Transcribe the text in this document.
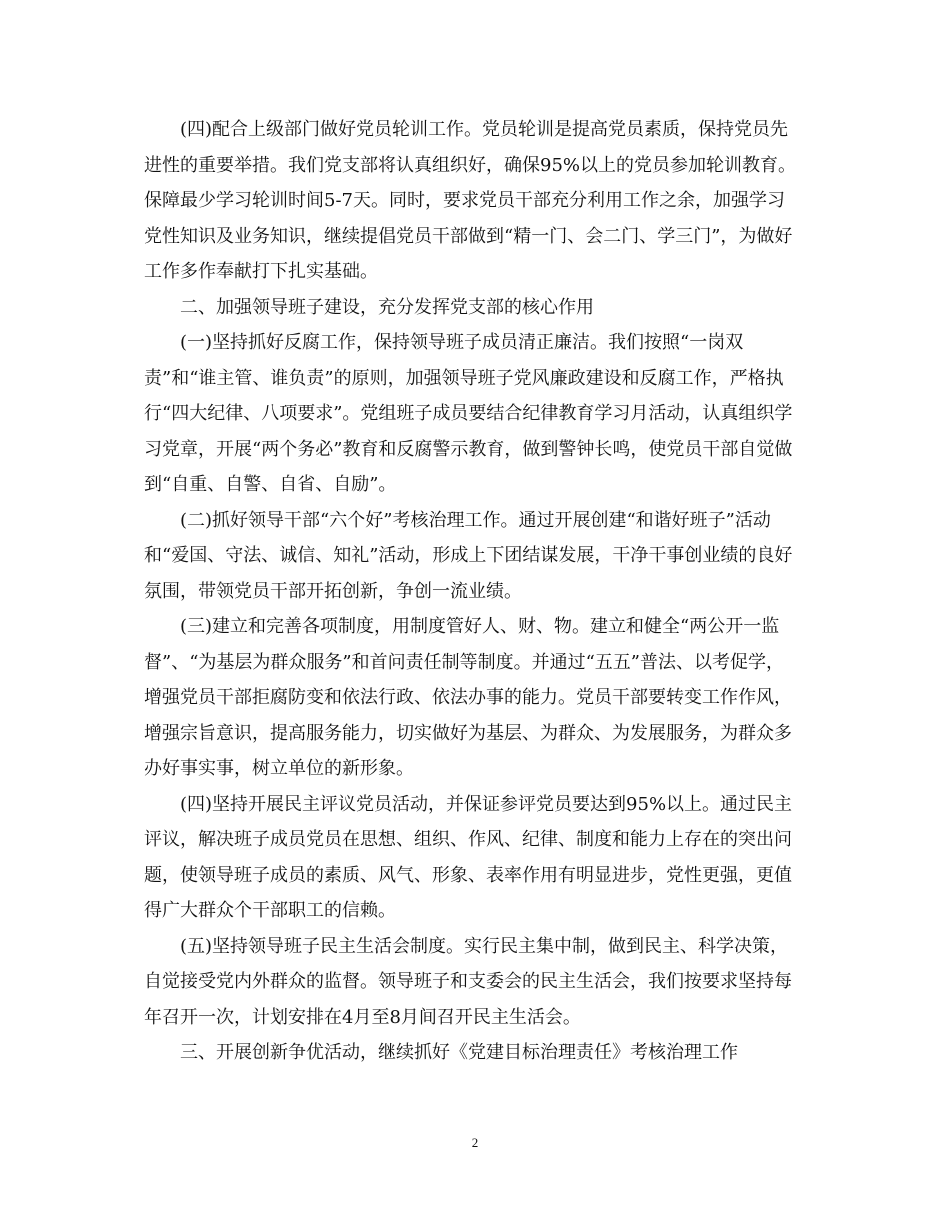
(四)配合上级部门做好党员轮训工作。党员轮训是提高党员素质，保持党员先进性的重要举措。我们党支部将认真组织好，确保95%以上的党员参加轮训教育。保障最少学习轮训时间5-7天。同时，要求党员干部充分利用工作之余，加强学习党性知识及业务知识，继续提倡党员干部做到“精一门、会二门、学三门”，为做好工作多作奉献打下扎实基础。

二、加强领导班子建设，充分发挥党支部的核心作用

(一)坚持抓好反腐工作，保持领导班子成员清正廉洁。我们按照“一岗双责”和“谁主管、谁负责”的原则，加强领导班子党风廉政建设和反腐工作，严格执行“四大纪律、八项要求”。党组班子成员要结合纪律教育学习月活动，认真组织学习党章，开展“两个务必”教育和反腐警示教育，做到警钟长鸣，使党员干部自觉做到“自重、自警、自省、自励”。

(二)抓好领导干部“六个好”考核治理工作。通过开展创建“和谐好班子”活动和“爱国、守法、诚信、知礼”活动，形成上下团结谋发展，干净干事创业绩的良好氛围，带领党员干部开拓创新，争创一流业绩。

(三)建立和完善各项制度，用制度管好人、财、物。建立和健全“两公开一监督”、“为基层为群众服务”和首问责任制等制度。并通过“五五”普法、以考促学，增强党员干部拒腐防变和依法行政、依法办事的能力。党员干部要转变工作作风，增强宗旨意识，提高服务能力，切实做好为基层、为群众、为发展服务，为群众多办好事实事，树立单位的新形象。

(四)坚持开展民主评议党员活动，并保证参评党员要达到95%以上。通过民主评议，解决班子成员党员在思想、组织、作风、纪律、制度和能力上存在的突出问题，使领导班子成员的素质、风气、形象、表率作用有明显进步，党性更强，更值得广大群众个干部职工的信赖。

(五)坚持领导班子民主生活会制度。实行民主集中制，做到民主、科学决策，自觉接受党内外群众的监督。领导班子和支委会的民主生活会，我们按要求坚持每年召开一次，计划安排在4月至8月间召开民主生活会。

三、开展创新争优活动，继续抓好《党建目标治理责任》考核治理工作

2
